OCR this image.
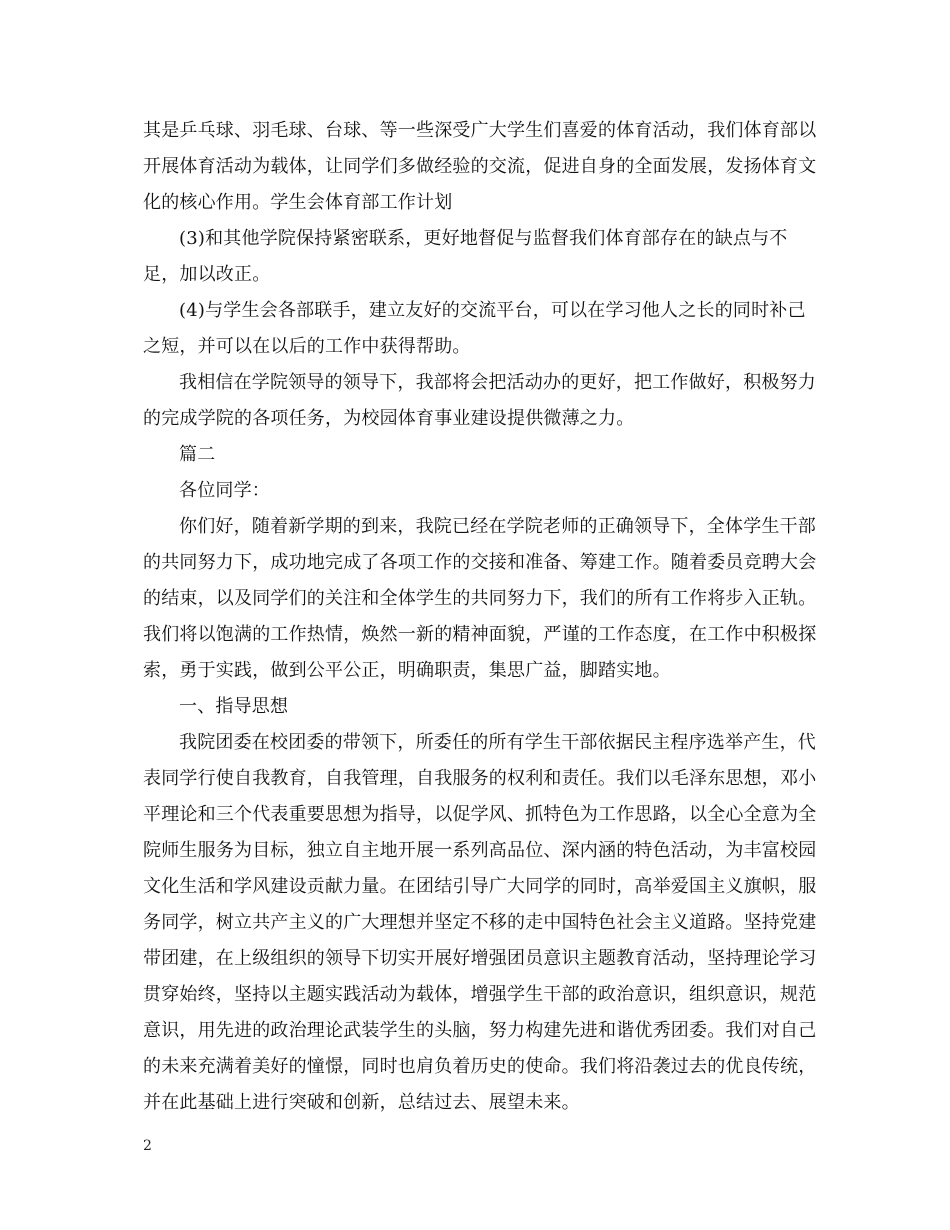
其是乒乓球、羽毛球、台球、等一些深受广大学生们喜爱的体育活动，我们体育部以开展体育活动为载体，让同学们多做经验的交流，促进自身的全面发展，发扬体育文化的核心作用。学生会体育部工作计划

(3)和其他学院保持紧密联系，更好地督促与监督我们体育部存在的缺点与不足，加以改正。

(4)与学生会各部联手，建立友好的交流平台，可以在学习他人之长的同时补己之短，并可以在以后的工作中获得帮助。

我相信在学院领导的领导下，我部将会把活动办的更好，把工作做好，积极努力的完成学院的各项任务，为校园体育事业建设提供微薄之力。

篇二

各位同学：

你们好，随着新学期的到来，我院已经在学院老师的正确领导下，全体学生干部的共同努力下，成功地完成了各项工作的交接和准备、筹建工作。随着委员竞聘大会的结束，以及同学们的关注和全体学生的共同努力下，我们的所有工作将步入正轨。我们将以饱满的工作热情，焕然一新的精神面貌，严谨的工作态度，在工作中积极探索，勇于实践，做到公平公正，明确职责，集思广益，脚踏实地。

一、指导思想

我院团委在校团委的带领下，所委任的所有学生干部依据民主程序选举产生，代表同学行使自我教育，自我管理，自我服务的权利和责任。我们以毛泽东思想，邓小平理论和三个代表重要思想为指导，以促学风、抓特色为工作思路，以全心全意为全院师生服务为目标，独立自主地开展一系列高品位、深内涵的特色活动，为丰富校园文化生活和学风建设贡献力量。在团结引导广大同学的同时，高举爱国主义旗帜，服务同学，树立共产主义的广大理想并坚定不移的走中国特色社会主义道路。坚持党建带团建，在上级组织的领导下切实开展好增强团员意识主题教育活动，坚持理论学习贯穿始终，坚持以主题实践活动为载体，增强学生干部的政治意识，组织意识，规范意识，用先进的政治理论武装学生的头脑，努力构建先进和谐优秀团委。我们对自己的未来充满着美好的憧憬，同时也肩负着历史的使命。我们将沿袭过去的优良传统，并在此基础上进行突破和创新，总结过去、展望未来。

2
